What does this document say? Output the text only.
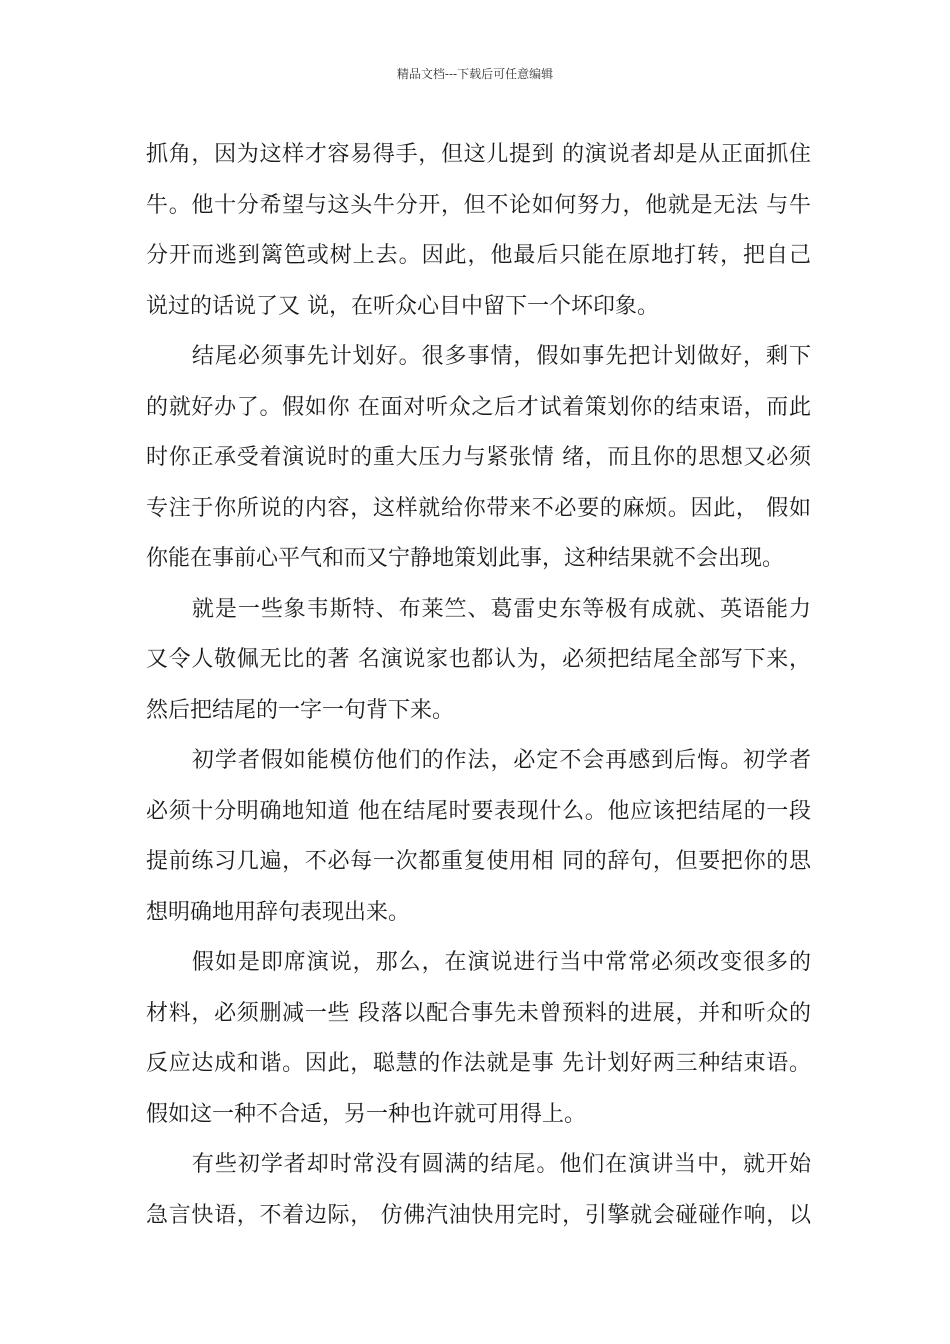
精品文档---下载后可任意编辑
抓角，因为这样才容易得手，但这儿提到 的演说者却是从正面抓住
牛。他十分希望与这头牛分开，但不论如何努力，他就是无法 与牛
分开而逃到篱笆或树上去。因此，他最后只能在原地打转，把自己
说过的话说了又 说，在听众心目中留下一个坏印象。
　　结尾必须事先计划好。很多事情，假如事先把计划做好，剩下
的就好办了。假如你 在面对听众之后才试着策划你的结束语，而此
时你正承受着演说时的重大压力与紧张情 绪，而且你的思想又必须
专注于你所说的内容，这样就给你带来不必要的麻烦。因此， 假如
你能在事前心平气和而又宁静地策划此事，这种结果就不会出现。
　　就是一些象韦斯特、布莱竺、葛雷史东等极有成就、英语能力
又令人敬佩无比的著 名演说家也都认为，必须把结尾全部写下来，
然后把结尾的一字一句背下来。
　　初学者假如能模仿他们的作法，必定不会再感到后悔。初学者
必须十分明确地知道 他在结尾时要表现什么。他应该把结尾的一段
提前练习几遍，不必每一次都重复使用相 同的辞句，但要把你的思
想明确地用辞句表现出来。
　　假如是即席演说，那么，在演说进行当中常常必须改变很多的
材料，必须删减一些 段落以配合事先未曾预料的进展，并和听众的
反应达成和谐。因此，聪慧的作法就是事 先计划好两三种结束语。
假如这一种不合适，另一种也许就可用得上。
　　有些初学者却时常没有圆满的结尾。他们在演讲当中，就开始
急言快语，不着边际， 仿佛汽油快用完时，引擎就会碰碰作响，以
